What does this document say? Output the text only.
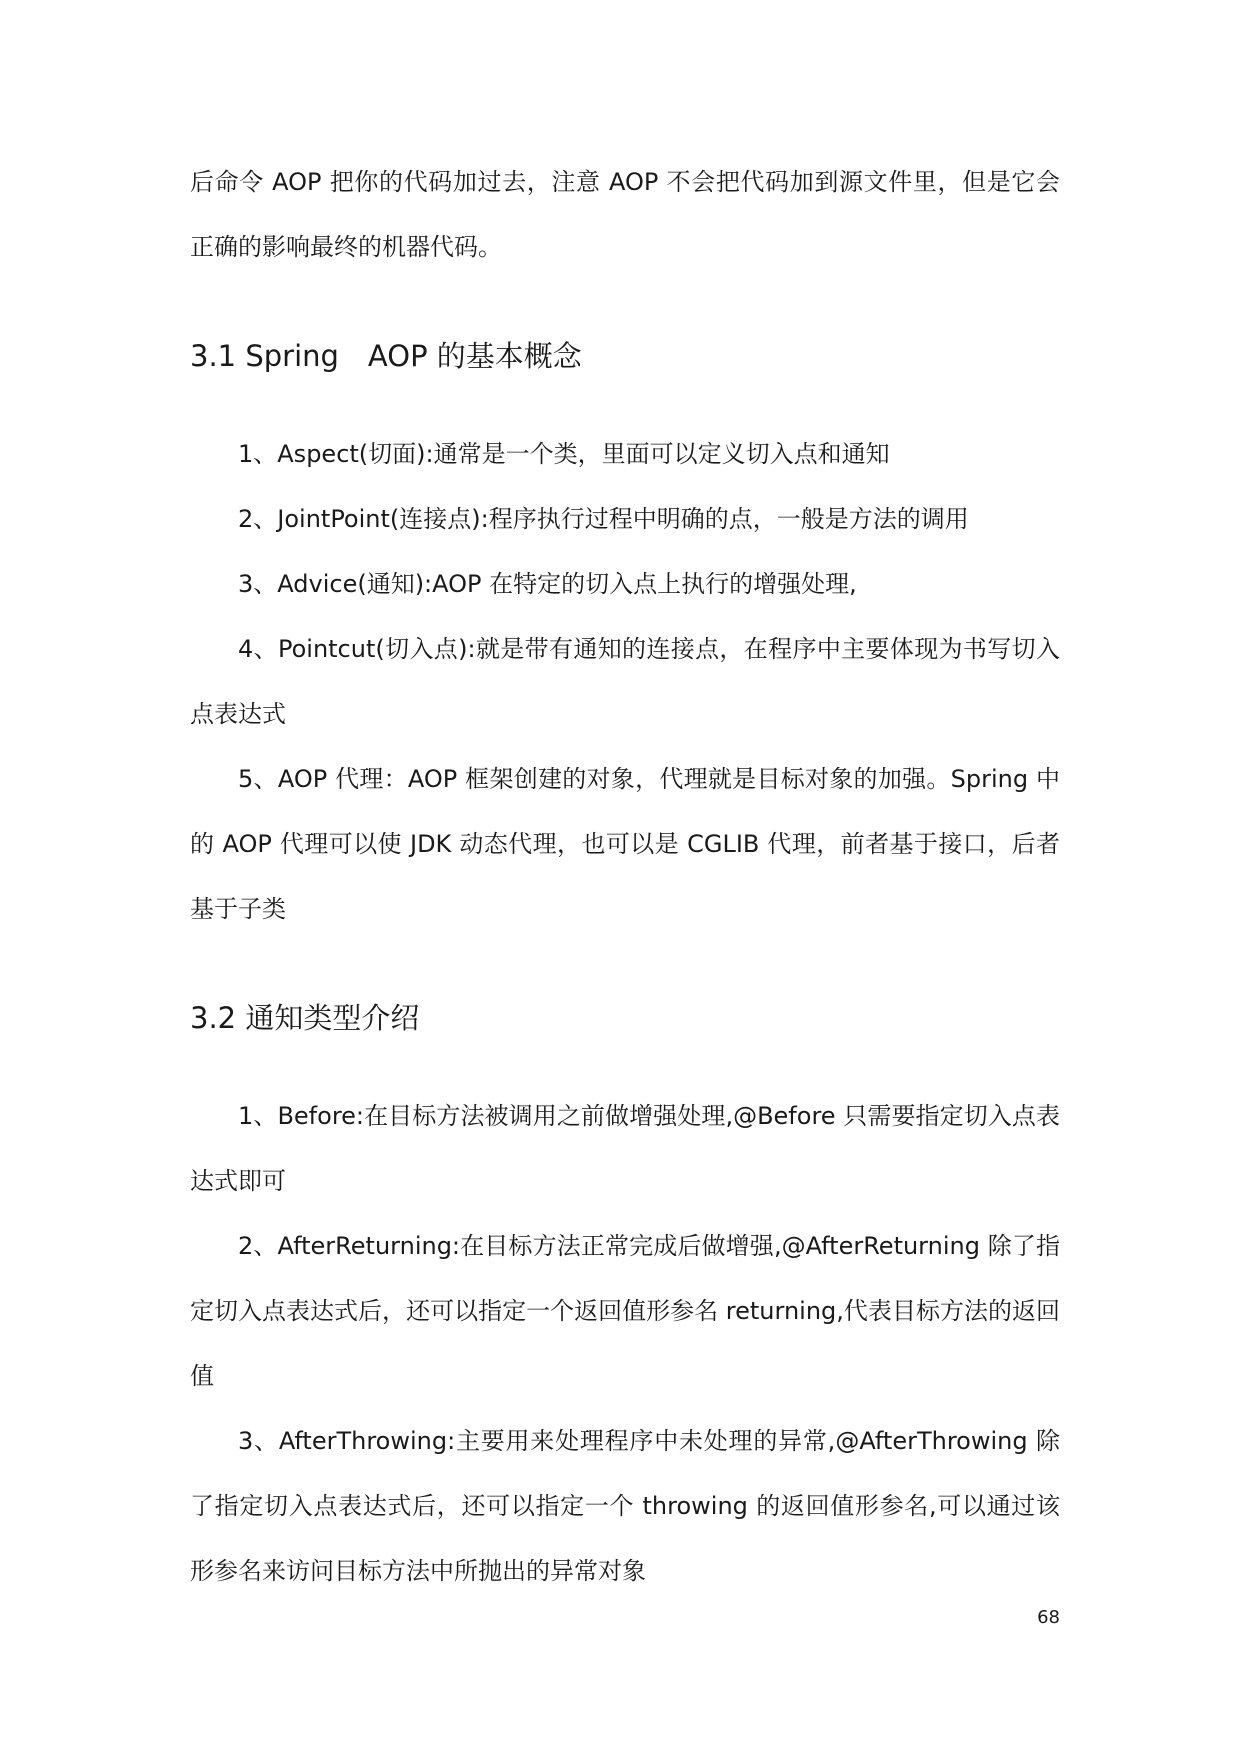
后命令 AOP 把你的代码加过去，注意 AOP 不会把代码加到源文件里，但是它会正确的影响最终的机器代码。

3.1 Spring　AOP 的基本概念

1、Aspect(切面):通常是一个类，里面可以定义切入点和通知

2、JointPoint(连接点):程序执行过程中明确的点，一般是方法的调用

3、Advice(通知):AOP 在特定的切入点上执行的增强处理,

4、Pointcut(切入点):就是带有通知的连接点，在程序中主要体现为书写切入点表达式

5、AOP 代理：AOP 框架创建的对象，代理就是目标对象的加强。Spring 中的 AOP 代理可以使 JDK 动态代理，也可以是 CGLIB 代理，前者基于接口，后者基于子类

3.2 通知类型介绍

1、Before:在目标方法被调用之前做增强处理,@Before 只需要指定切入点表达式即可

2、AfterReturning:在目标方法正常完成后做增强,@AfterReturning 除了指定切入点表达式后，还可以指定一个返回值形参名 returning,代表目标方法的返回值

3、AfterThrowing:主要用来处理程序中未处理的异常,@AfterThrowing 除了指定切入点表达式后，还可以指定一个 throwing 的返回值形参名,可以通过该形参名来访问目标方法中所抛出的异常对象

68
